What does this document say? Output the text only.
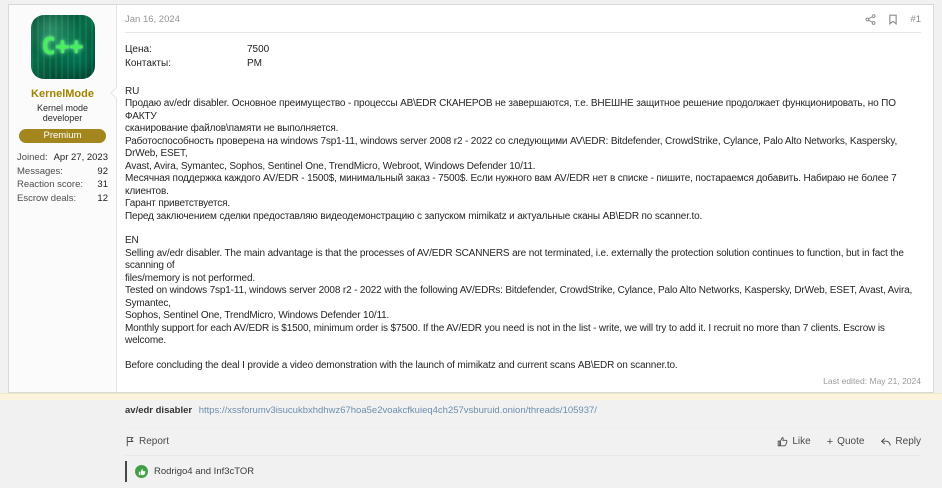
C++
KernelMode
Kernel mode developer
Premium
Joined: Apr 27, 2023
Messages:	92
Reaction score: 31
Escrow deals: 12
Jan 16, 2024	#1
Цена:	7500
Контакты:	PM
RU
Продаю av/edr disabler. Основное преимущество - процессы АВ\EDR СКАНЕРОВ не завершаются, т.е. ВНЕШНЕ защитное решение продолжает функционировать, но ПО ФАКТУ
сканирование файлов\памяти не выполняется.
Работоспособность проверена на windows 7sp1-11, windows server 2008 r2 - 2022 со следующими AV\EDR: Bitdefender, CrowdStrike, Cylance, Palo Alto Networks, Kaspersky, DrWeb, ESET,
Avast, Avira, Symantec, Sophos, Sentinel One, TrendMicro, Webroot, Windows Defender 10/11.
Месячная поддержка каждого AV/EDR - 1500$, минимальный заказ - 7500$. Если нужного вам AV/EDR нет в списке - пишите, постараемся добавить. Набираю не более 7 клиентов.
Гарант приветствуется.
Перед заключением сделки предоставляю видеодемонстрацию с запуском mimikatz и актуальные сканы АВ\EDR по scanner.to.

EN
Selling av/edr disabler. The main advantage is that the processes of AV/EDR SCANNERS are not terminated, i.e. externally the protection solution continues to function, but in fact the scanning of
files/memory is not performed.
Tested on windows 7sp1-11, windows server 2008 r2 - 2022 with the following AV/EDRs: Bitdefender, CrowdStrike, Cylance, Palo Alto Networks, Kaspersky, DrWeb, ESET, Avast, Avira, Symantec,
Sophos, Sentinel One, TrendMicro, Windows Defender 10/11.
Monthly support for each AV/EDR is $1500, minimum order is $7500. If the AV/EDR you need is not in the list - write, we will try to add it. I recruit no more than 7 clients. Escrow is welcome.

Before concluding the deal I provide a video demonstration with the launch of mimikatz and current scans АВ\EDR on scanner.to.
Last edited: May 21, 2024
av/edr disabler https://xssforumv3isucukbxhdhwz67hoa5e2voakcfkuieq4ch257vsburuid.onion/threads/105937/
Report	Like + Quote	Reply
Rodrigo4 and Inf3cTOR
